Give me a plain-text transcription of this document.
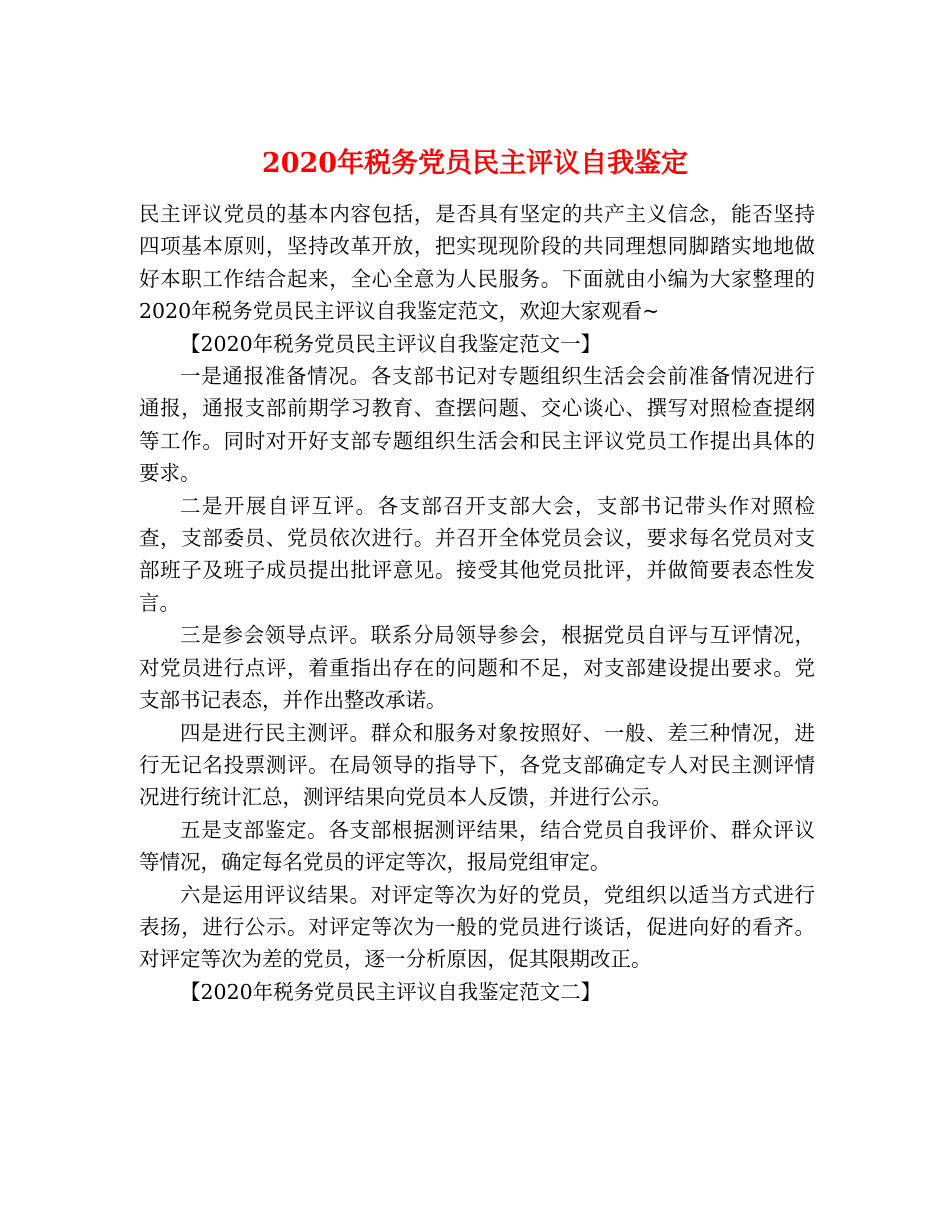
2020年税务党员民主评议自我鉴定

民主评议党员的基本内容包括，是否具有坚定的共产主义信念，能否坚持四项基本原则，坚持改革开放，把实现现阶段的共同理想同脚踏实地地做好本职工作结合起来，全心全意为人民服务。下面就由小编为大家整理的2020年税务党员民主评议自我鉴定范文，欢迎大家观看~

【2020年税务党员民主评议自我鉴定范文一】

一是通报准备情况。各支部书记对专题组织生活会会前准备情况进行通报，通报支部前期学习教育、查摆问题、交心谈心、撰写对照检查提纲等工作。同时对开好支部专题组织生活会和民主评议党员工作提出具体的要求。

二是开展自评互评。各支部召开支部大会，支部书记带头作对照检查，支部委员、党员依次进行。并召开全体党员会议，要求每名党员对支部班子及班子成员提出批评意见。接受其他党员批评，并做简要表态性发言。

三是参会领导点评。联系分局领导参会，根据党员自评与互评情况，对党员进行点评，着重指出存在的问题和不足，对支部建设提出要求。党支部书记表态，并作出整改承诺。

四是进行民主测评。群众和服务对象按照好、一般、差三种情况，进行无记名投票测评。在局领导的指导下，各党支部确定专人对民主测评情况进行统计汇总，测评结果向党员本人反馈，并进行公示。

五是支部鉴定。各支部根据测评结果，结合党员自我评价、群众评议等情况，确定每名党员的评定等次，报局党组审定。

六是运用评议结果。对评定等次为好的党员，党组织以适当方式进行表扬，进行公示。对评定等次为一般的党员进行谈话，促进向好的看齐。对评定等次为差的党员，逐一分析原因，促其限期改正。

【2020年税务党员民主评议自我鉴定范文二】
